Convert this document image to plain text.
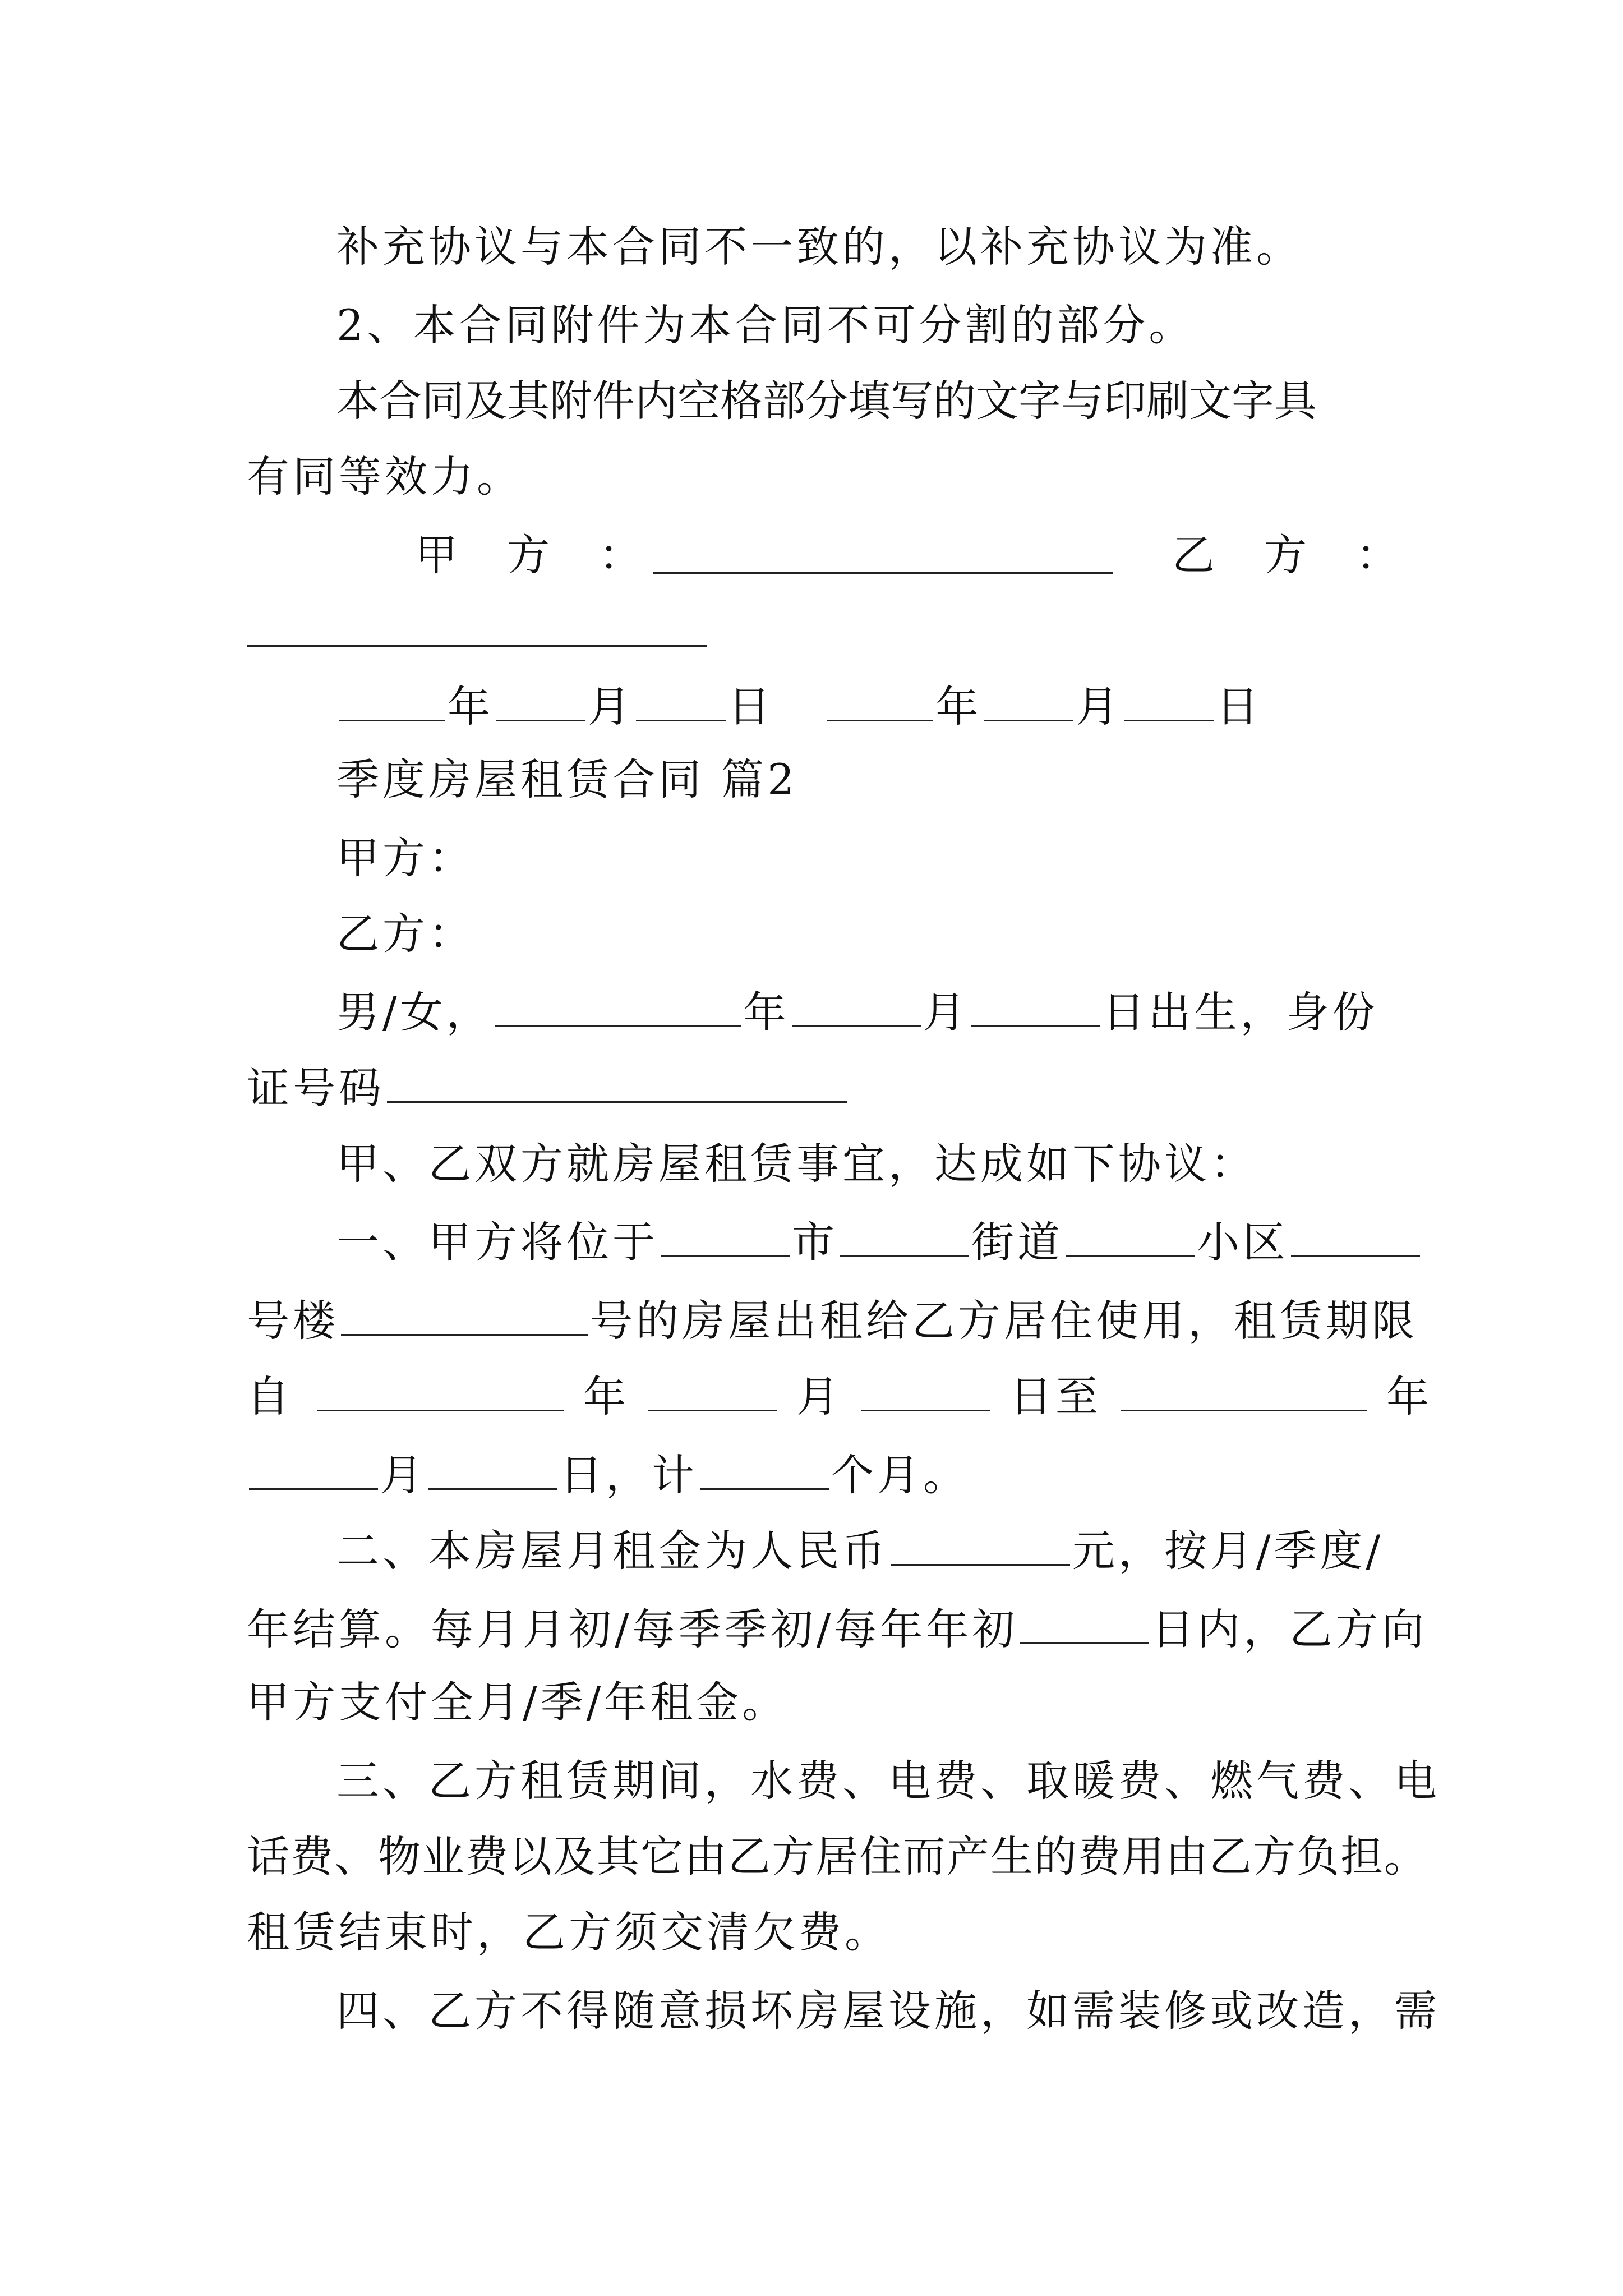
补充协议与本合同不一致的，以补充协议为准。
2、本合同附件为本合同不可分割的部分。
本合同及其附件内空格部分填写的文字与印刷文字具
有同等效力。
甲　方　：	乙　方　：
年 月 日	年 月 日
季度房屋租赁合同 篇2
甲方：
乙方：
男/女，	年	月	日出生，身份
证号码
甲、乙双方就房屋租赁事宜，达成如下协议：
一、甲方将位于	市	街道	小区
号楼	号的房屋出租给乙方居住使用，租赁期限
自	年	月	日至	年
月	日，计	个月。
二、本房屋月租金为人民币	元，按月/季度/
年结算。每月月初/每季季初/每年年初	日内，乙方向
甲方支付全月/季/年租金。
三、乙方租赁期间，水费、电费、取暖费、燃气费、电
话费、物业费以及其它由乙方居住而产生的费用由乙方负担。
租赁结束时，乙方须交清欠费。
四、乙方不得随意损坏房屋设施，如需装修或改造，需
